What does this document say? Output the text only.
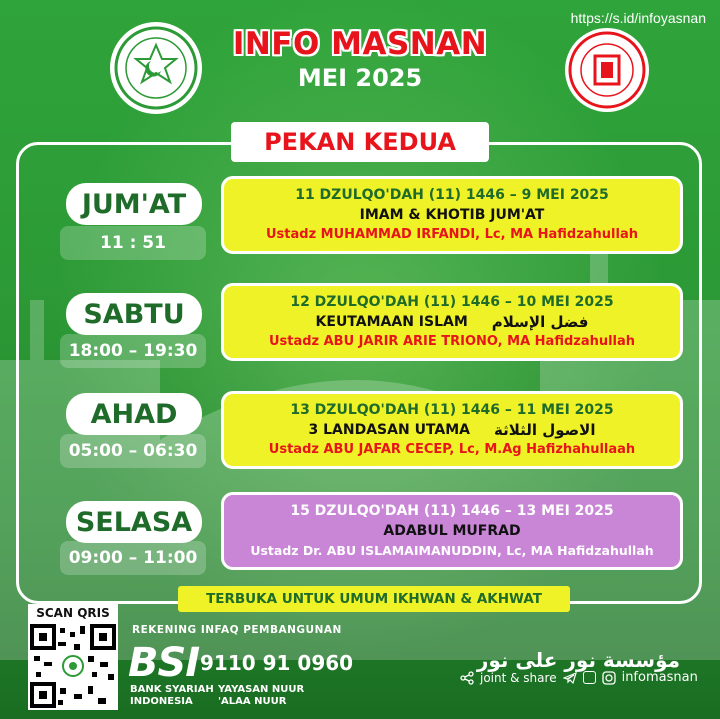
https://s.id/infoyasnan
INFO MASNAN
MEI 2025
PEKAN KEDUA
JUM'AT
11 : 51
11 DZULQO'DAH (11) 1446 – 9 MEI 2025
IMAM & KHOTIB JUM'AT
Ustadz MUHAMMAD IRFANDI, Lc, MA Hafidzahullah
SABTU
18:00 – 19:30
12 DZULQO'DAH (11) 1446 – 10 MEI 2025
KEUTAMAAN ISLAM فضل الإسلام
Ustadz ABU JARIR ARIE TRIONO, MA Hafidzahullah
AHAD
05:00 – 06:30
13 DZULQO'DAH (11) 1446 – 11 MEI 2025
3 LANDASAN UTAMA الاصول الثلاثة
Ustadz ABU JAFAR CECEP, Lc, M.Ag Hafizhahullaah
SELASA
09:00 – 11:00
15 DZULQO'DAH (11) 1446 – 13 MEI 2025
ADABUL MUFRAD
Ustadz Dr. ABU ISLAMAIMANUDDIN, Lc, MA Hafidzahullah
TERBUKA UNTUK UMUM IKHWAN & AKHWAT
SCAN QRIS
REKENING INFAQ PEMBANGUNAN
BSI
BANK SYARIAH INDONESIA
9110 91 0960
YAYASAN NUUR 'ALAA NUUR
مؤسسة نور على نور
joint & share	infomasnan
